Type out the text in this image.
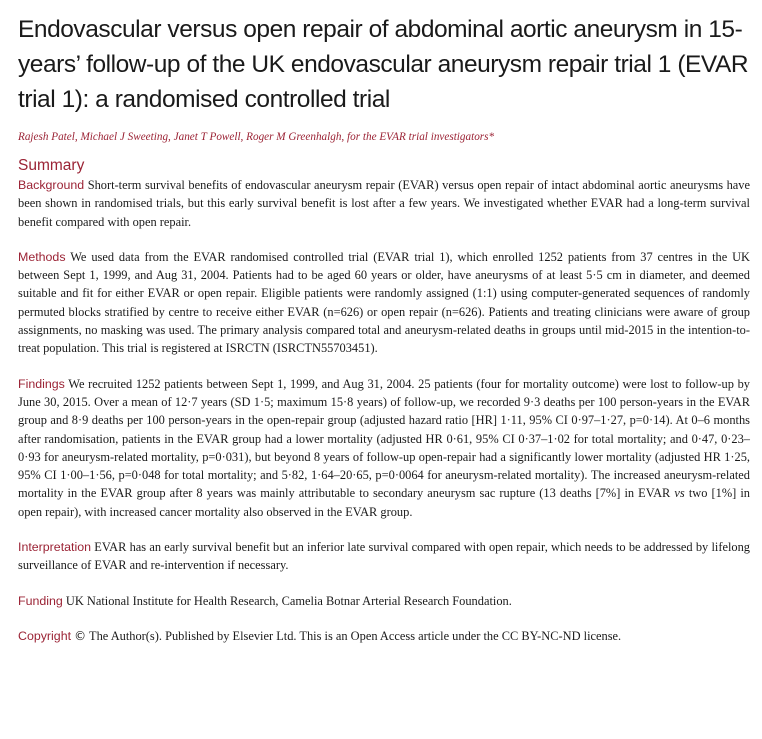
Endovascular versus open repair of abdominal aortic aneurysm in 15-years’ follow-up of the UK endovascular aneurysm repair trial 1 (EVAR trial 1): a randomised controlled trial
Rajesh Patel, Michael J Sweeting, Janet T Powell, Roger M Greenhalgh, for the EVAR trial investigators*
Summary

Background Short-term survival benefits of endovascular aneurysm repair (EVAR) versus open repair of intact abdominal aortic aneurysms have been shown in randomised trials, but this early survival benefit is lost after a few years. We investigated whether EVAR had a long-term survival benefit compared with open repair.

Methods We used data from the EVAR randomised controlled trial (EVAR trial 1), which enrolled 1252 patients from 37 centres in the UK between Sept 1, 1999, and Aug 31, 2004. Patients had to be aged 60 years or older, have aneurysms of at least 5·5 cm in diameter, and deemed suitable and fit for either EVAR or open repair. Eligible patients were randomly assigned (1:1) using computer-generated sequences of randomly permuted blocks stratified by centre to receive either EVAR (n=626) or open repair (n=626). Patients and treating clinicians were aware of group assignments, no masking was used. The primary analysis compared total and aneurysm-related deaths in groups until mid-2015 in the intention-to-treat population. This trial is registered at ISRCTN (ISRCTN55703451).

Findings We recruited 1252 patients between Sept 1, 1999, and Aug 31, 2004. 25 patients (four for mortality outcome) were lost to follow-up by June 30, 2015. Over a mean of 12·7 years (SD 1·5; maximum 15·8 years) of follow-up, we recorded 9·3 deaths per 100 person-years in the EVAR group and 8·9 deaths per 100 person-years in the open-repair group (adjusted hazard ratio [HR] 1·11, 95% CI 0·97–1·27, p=0·14). At 0–6 months after randomisation, patients in the EVAR group had a lower mortality (adjusted HR 0·61, 95% CI 0·37–1·02 for total mortality; and 0·47, 0·23–0·93 for aneurysm-related mortality, p=0·031), but beyond 8 years of follow-up open-repair had a significantly lower mortality (adjusted HR 1·25, 95% CI 1·00–1·56, p=0·048 for total mortality; and 5·82, 1·64–20·65, p=0·0064 for aneurysm-related mortality). The increased aneurysm-related mortality in the EVAR group after 8 years was mainly attributable to secondary aneurysm sac rupture (13 deaths [7%] in EVAR vs two [1%] in open repair), with increased cancer mortality also observed in the EVAR group.

Interpretation EVAR has an early survival benefit but an inferior late survival compared with open repair, which needs to be addressed by lifelong surveillance of EVAR and re-intervention if necessary.

Funding UK National Institute for Health Research, Camelia Botnar Arterial Research Foundation.

Copyright © The Author(s). Published by Elsevier Ltd. This is an Open Access article under the CC BY-NC-ND license.
